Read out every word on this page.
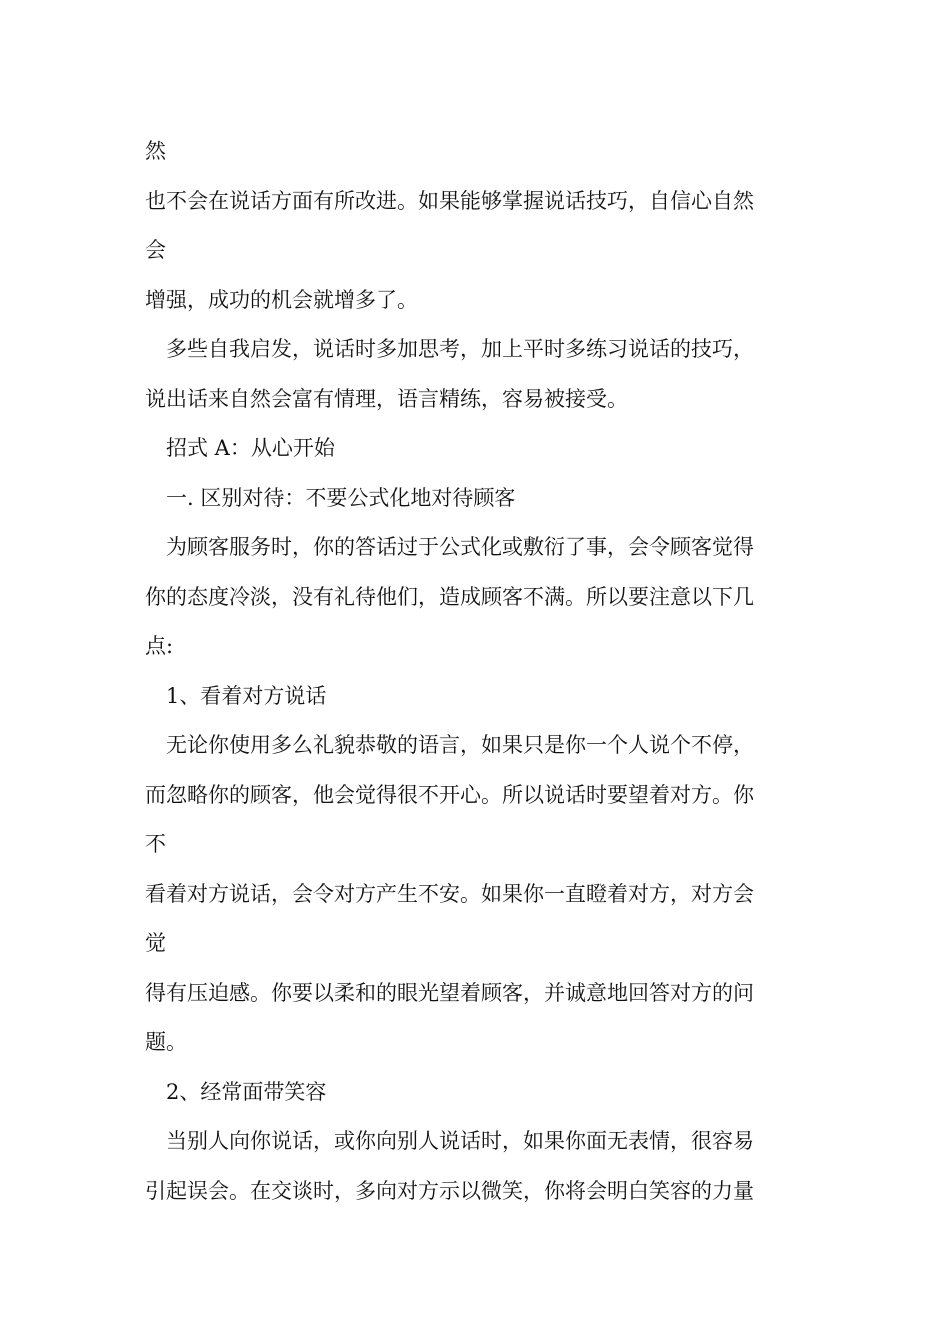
然
也不会在说话方面有所改进。如果能够掌握说话技巧，自信心自然
会
增强，成功的机会就增多了。
多些自我启发，说话时多加思考，加上平时多练习说话的技巧，
说出话来自然会富有情理，语言精练，容易被接受。
招式 A：从心开始
一. 区别对待：不要公式化地对待顾客
为顾客服务时，你的答话过于公式化或敷衍了事，会令顾客觉得
你的态度冷淡，没有礼待他们，造成顾客不满。所以要注意以下几
点:
1、看着对方说话
无论你使用多么礼貌恭敬的语言，如果只是你一个人说个不停，
而忽略你的顾客，他会觉得很不开心。所以说话时要望着对方。你
不
看着对方说话，会令对方产生不安。如果你一直瞪着对方，对方会
觉
得有压迫感。你要以柔和的眼光望着顾客，并诚意地回答对方的问
题。
2、经常面带笑容
当别人向你说话，或你向别人说话时，如果你面无表情，很容易
引起误会。在交谈时，多向对方示以微笑，你将会明白笑容的力量
